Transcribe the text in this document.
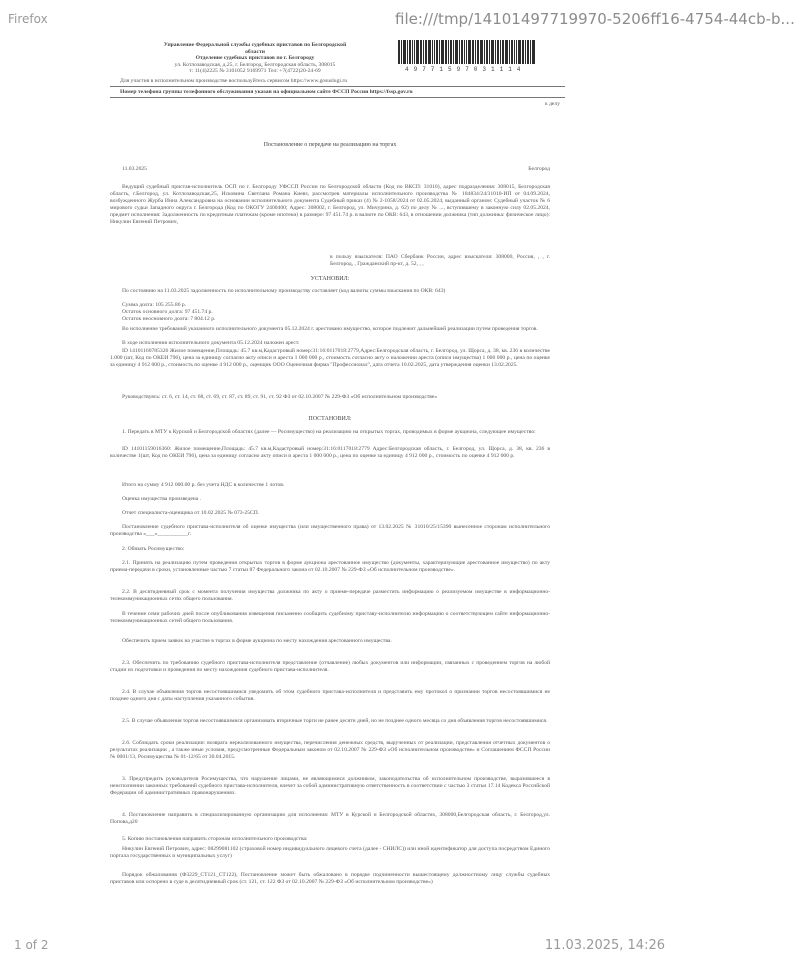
Firefox	file:///tmp/14101497719970-5206ff16-4754-44cb-b...
Управление Федеральной службы судебных приставов по Белгородской
области
Отделение судебных приставов по г. Белгороду
ул. Котлозаводская, д.25, г. Белгород, Белгородская область, 308015
т: 11(4)2225 № 3101052 9169971 Тел: +7(4722)20-24-69	49771597031114
Для участия в исполнительном производстве воспользуйтесь сервисом https://www.gosuslugi.ru
Номер телефона группы телефонного обслуживания указан на официальном сайте ФССП России https://fssp.gov.ru
к делу
Постановление о передаче на реализацию на торгах
11.03.2025	Белгород

Ведущий судебный пристав-исполнитель ОСП по г. Белгороду УФССП России по Белгородской области (Код по ВКСП: 31010), адрес подразделения: 308015, Белгородская область, г.Белгород, ул. Котлозаводская,25, Исковина Светлана Романа Киевз, рассмотрев материалы исполнительного производства № 184834/24/31010-ИП от 04.09.2024, возбужденного Журба Инна Александровна на основании исполнительного документа Судебный приказ (4) № 2-1058/2024 от 02.05.2024, выданный органом: Судебный участок № 6 мирового судьи Западного округа г. Белгорода (Код по ОКОГУ 2400400; Адрес: 308002, г. Белгород, ул. Мичурина, д. 62) по делу № ..., вступившему в законную силу 02.05.2024, предмет исполнения: Задолженность по кредитным платежам (кроме ипотеки) в размере: 97 451.74 р. в валюте по ОКВ: 643, в отношении должника (тип должника: физическое лицо): Никулин Евгений Петрович,

в пользу взыскателя: ПАО Сбербанк России, адрес взыскателя: 308000, Россия, , , г. Белгород, , Гражданский пр-кт, д. 52, , ,

УСТАНОВИЛ:

По состоянию на 11.03.2025 задолженность по исполнительному производству составляет (код валюты суммы взыскания по ОКВ: 643)

Сумма долга: 105 255.86 р.

Остаток основного долга: 97 451.74 р.

Остаток неосновного долга: 7 804.12 р.

Во исполнение требований указанного исполнительного документа 05.12.2024 г. арестовано имущество, которое подлежит дальнейшей реализации путем проведения торгов.

В ходе исполнения исполнительного документа 05.12.2024 наложен арест.

ID 14101160785326 Жилое помещение,Площадь: 45.7 кв.м,Кадастровый номер:31:16:0117018:2779,Адрес:Белгородская область, г. Белгород, ул. Щорса, д. 38, кв. 236 в количестве 1.000 (шт, Код по ОКЕИ 796), цена за единицу согласно акту описи и ареста 1 000 000 р., стоимость согласно акту о наложении ареста (описи имущества) 1 000 000 р., цена по оценке за единицу 4 912 000 р., стоимость по оценке 4 912 000 р., оценщик ООО Оценочная фирма "Профессионал", дата отчета 10.02.2025, дата утверждения оценки 13.02.2025.

Руководствуясь: ст. 6, ст. 14, ст. 68, ст. 69, ст. 87, ст. 89, ст. 91, ст. 92 ФЗ от 02.10.2007 № 229-ФЗ «Об исполнительном производстве»

ПОСТАНОВИЛ:

1. Передать в МТУ к Курской и Белгородской областях (далее — Росимущество) на реализацию на открытых торгах, проводимых в форме аукциона, следующее имущество:

ID 14101159016360: Жилое помещение,Площадь: 45.7 кв.м,Кадастровый номер:31:16:0117018:2779 Адрес:Белгородская область, г. Белгород, ул. Щорса, д. 38, кв. 236 в количестве 1(шт, Код по ОКЕИ 796), цена за единицу согласно акту описи и ареста 1 000 000 р., цена по оценке за единицу 4 912 000 р., стоимость по оценке 4 912 000 р.

Итого на сумму 4 912 000.00 р. без учета НДС в количестве 1 лотов.

Оценка имущества произведена .

Отчет специалиста-оценщика от 10.02.2025 № 073-25СП.

Постановление судебного пристава-исполнителя об оценке имущества (или имущественного права) от 13.02.2025 № 31010/25/15390 вынесенное сторонам исполнительного производства «___»___________г.

2. Обязать Росимущество:

2.1. Принять на реализацию путем проведения открытых торгов в форме аукциона арестованное имущество (документы, характеризующие арестованное имущество) по акту приема-передачи в сроки, установленные частью 7 статьи 87 Федерального закона от 02.10.2007 № 229-ФЗ «Об исполнительном производстве».

2.2. В десятидневный срок с момента получения имущества должника по акту о приеме-передаче разместить информацию о реализуемом имуществе в информационно-телекоммуникационных сетях общего пользования.

В течение семи рабочих дней после опубликования извещения письменно сообщить судебному приставу-исполнителю информацию о соответствующем сайте информационно-телекоммуникационных сетей общего пользования.

Обеспечить прием заявок на участие в торгах в форме аукциона по месту нахождения арестованного имущества.

2.3. Обеспечить по требованию судебного пристава-исполнителя представление (отчавление) любых документов или информации, связанных с проведением торгов на любой стадии их подготовки и проведения по месту нахождения судебного пристава-исполнителя.

2.4. В случае объявления торгов несостоявшимися уведомить об этом судебного пристава-исполнителя и представить ему протокол о признании торгов несостоявшимися не позднее одного дня с даты наступления указанного события.

2.5. В случае объявления торгов несостоявшимися организовать вторичные торги не ранее десяти дней, но не позднее одного месяца со дня объявления торгов несостоявшимися.

2.6. Соблюдать сроки реализации: возврата нереализованного имущества, перечисления денежных средств, вырученных от реализации, представления отчетных документов о результатах реализации , а также иные условия, предусмотренные Федеральным законом от 02.10.2007 № 229-ФЗ «Об исполнительном производстве» и Соглашением ФССП России № 0001/13, Росимущества № 01-12/65 от 30.04.2015.

3. Предупредить руководителя Росимущества, что нарушение лицами, не являющимися должником, законодательства об исполнительном производстве, выразившееся в неисполнении законных требований судебного пристава-исполнителя, влечет за собой административную ответственность в соответствии с частью 3 статьи 17.14 Кодекса Российской Федерации об административных правонарушениях.

4. Постановление направить в специализированную организацию для исполнения: МТУ в Курской и Белгородской областях, 308000,Белгородская область, г. Белгород,ул. Попова,д20

5. Копию постановления направить сторонам исполнительного производства:

Никулин Евгений Петрович, адрес: 08299081102 (страховой номер индивидуального лицевого счета (далее - СНИЛС)) или иной идентификатор для доступа посредством Единого портала государственных и муниципальных услуг)

Порядок обжалования (Ф3229_СТ121_СТ122), Постановление может быть обжаловано в порядке подчиненности вышестоящему должностному лицу службы судебных приставов или оспорено в суде в десятидневный срок (ст. 121, ст. 122 ФЗ от 02.10.2007 № 229-ФЗ «Об исполнительном производстве»)

1 of 2	11.03.2025, 14:26
